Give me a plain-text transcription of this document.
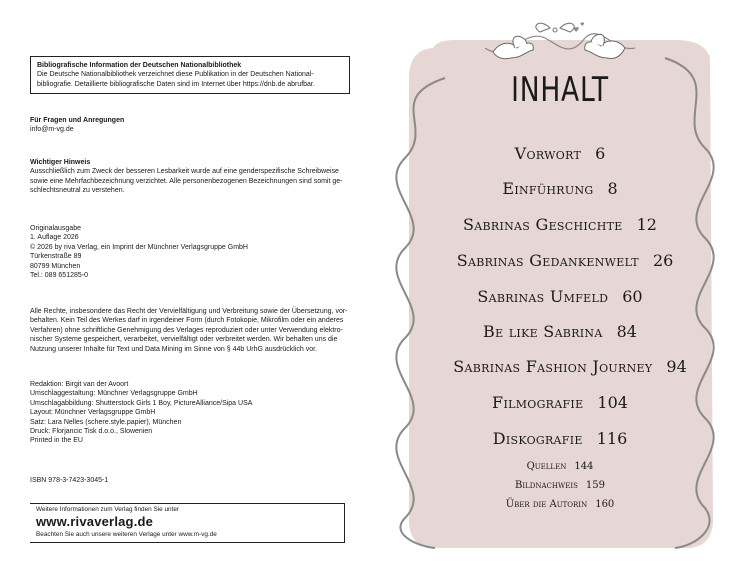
Bibliografische Information der Deutschen Nationalbibliothek
Die Deutsche Nationalbibliothek verzeichnet diese Publikation in der Deutschen National-
bibliografie. Detaillierte bibliografische Daten sind im Internet über https://dnb.de abrufbar.
Für Fragen und Anregungen
info@m-vg.de
Wichtiger Hinweis
Ausschließlich zum Zweck der besseren Lesbarkeit wurde auf eine genderspezifische Schreibweise
sowie eine Mehrfachbezeichnung verzichtet. Alle personenbezogenen Bezeichnungen sind somit ge-
schlechtsneutral zu verstehen.
Originalausgabe
1. Auflage 2026
© 2026 by riva Verlag, ein Imprint der Münchner Verlagsgruppe GmbH
Türkenstraße 89
80799 München
Tel.: 089 651285-0
Alle Rechte, insbesondere das Recht der Vervielfältigung und Verbreitung sowie der Übersetzung, vor-
behalten. Kein Teil des Werkes darf in irgendeiner Form (durch Fotokopie, Mikrofilm oder ein anderes
Verfahren) ohne schriftliche Genehmigung des Verlages reproduziert oder unter Verwendung elektro-
nischer Systeme gespeichert, verarbeitet, vervielfältigt oder verbreitet werden. Wir behalten uns die
Nutzung unserer Inhalte für Text und Data Mining im Sinne von § 44b UrhG ausdrücklich vor.
Redaktion: Birgit van der Avoort
Umschlaggestaltung: Münchner Verlagsgruppe GmbH
Umschlagabbildung: Shutterstock Girls 1 Boy, PictureAlliance/Sipa USA
Layout: Münchner Verlagsgruppe GmbH
Satz: Lara Nelles (schere.style.papier), München
Druck: Florjancic Tisk d.o.o., Slowenien
Printed in the EU
ISBN 978-3-7423-3045-1
Weitere Informationen zum Verlag finden Sie unter
www.rivaverlag.de
Beachten Sie auch unsere weiteren Verlage unter www.m-vg.de
♥
♥
INHALT
Vorwort 6
Einführung 8
Sabrinas Geschichte 12
Sabrinas Gedankenwelt 26
Sabrinas Umfeld 60
Be like Sabrina 84
Sabrinas Fashion Journey 94
Filmografie 104
Diskografie 116
Quellen 144
Bildnachweis 159
Über die Autorin 160
